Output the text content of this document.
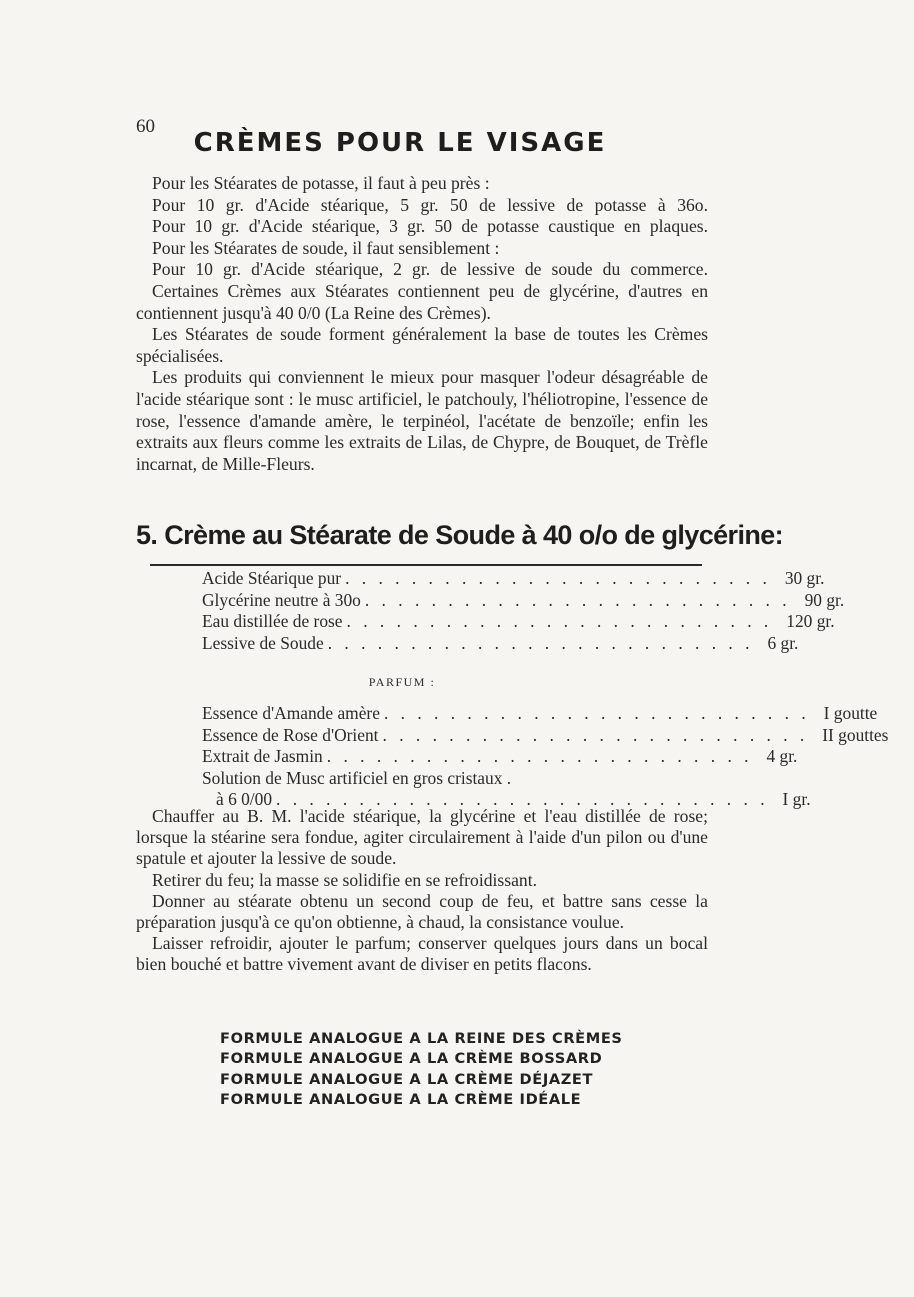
60
CRÈMES POUR LE VISAGE
Pour les Stéarates de potasse, il faut à peu près :
Pour 10 gr. d'Acide stéarique, 5 gr. 50 de lessive de potasse à 36o.
Pour 10 gr. d'Acide stéarique, 3 gr. 50 de potasse caustique en plaques.
Pour les Stéarates de soude, il faut sensiblement :
Pour 10 gr. d'Acide stéarique, 2 gr. de lessive de soude du commerce.

Certaines Crèmes aux Stéarates contiennent peu de glycérine, d'autres en contiennent jusqu'à 40 0/0 (La Reine des Crèmes).

Les Stéarates de soude forment généralement la base de toutes les Crèmes spécialisées.

Les produits qui conviennent le mieux pour masquer l'odeur désagréable de l'acide stéarique sont : le musc artificiel, le patchouly, l'héliotropine, l'essence de rose, l'essence d'amande amère, le terpinéol, l'acétate de benzoïle; enfin les extraits aux fleurs comme les extraits de Lilas, de Chypre, de Bouquet, de Trèfle incarnat, de Mille-Fleurs.

5. Crème au Stéarate de Soude à 40 o/o de glycérine:
Acide Stéarique pur . . . . . . . . . . . . . . . . . . . . . . . . . . 30 gr.
Glycérine neutre à 30o . . . . . . . . . . . . . . . . . . . . . . . . . . 90 gr.
Eau distillée de rose . . . . . . . . . . . . . . . . . . . . . . . . . . 120 gr.
Lessive de Soude . . . . . . . . . . . . . . . . . . . . . . . . . . 6 gr.
PARFUM :
Essence d'Amande amère . . . . . . . . . . . . . . . . . . . . . . . . . . I goutte
Essence de Rose d'Orient . . . . . . . . . . . . . . . . . . . . . . . . . . II gouttes
Extrait de Jasmin . . . . . . . . . . . . . . . . . . . . . . . . . . 4 gr.
Solution de Musc artificiel en gros cristaux .
à 6 0/00 . . . . . . . . . . . . . . . . . . . . . . . . . . . . . . I gr.

Chauffer au B. M. l'acide stéarique, la glycérine et l'eau distillée de rose; lorsque la stéarine sera fondue, agiter circulairement à l'aide d'un pilon ou d'une spatule et ajouter la lessive de soude.

Retirer du feu; la masse se solidifie en se refroidissant.

Donner au stéarate obtenu un second coup de feu, et battre sans cesse la préparation jusqu'à ce qu'on obtienne, à chaud, la consistance voulue.

Laisser refroidir, ajouter le parfum; conserver quelques jours dans un bocal bien bouché et battre vivement avant de diviser en petits flacons.

FORMULE ANALOGUE A LA REINE DES CRÈMES
FORMULE ANALOGUE A LA CRÈME BOSSARD
FORMULE ANALOGUE A LA CRÈME DÉJAZET
FORMULE ANALOGUE A LA CRÈME IDÉALE
